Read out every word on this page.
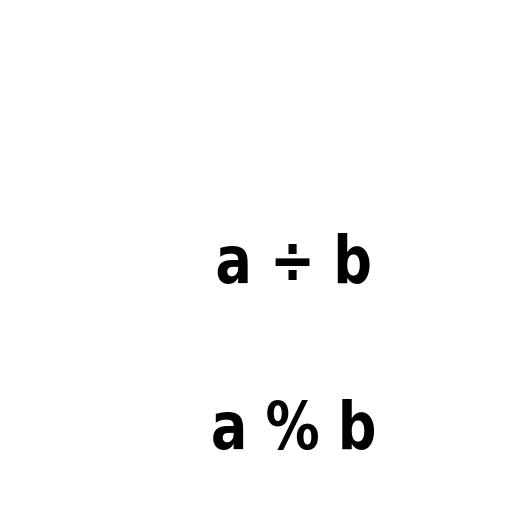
a ÷ b

a % b
